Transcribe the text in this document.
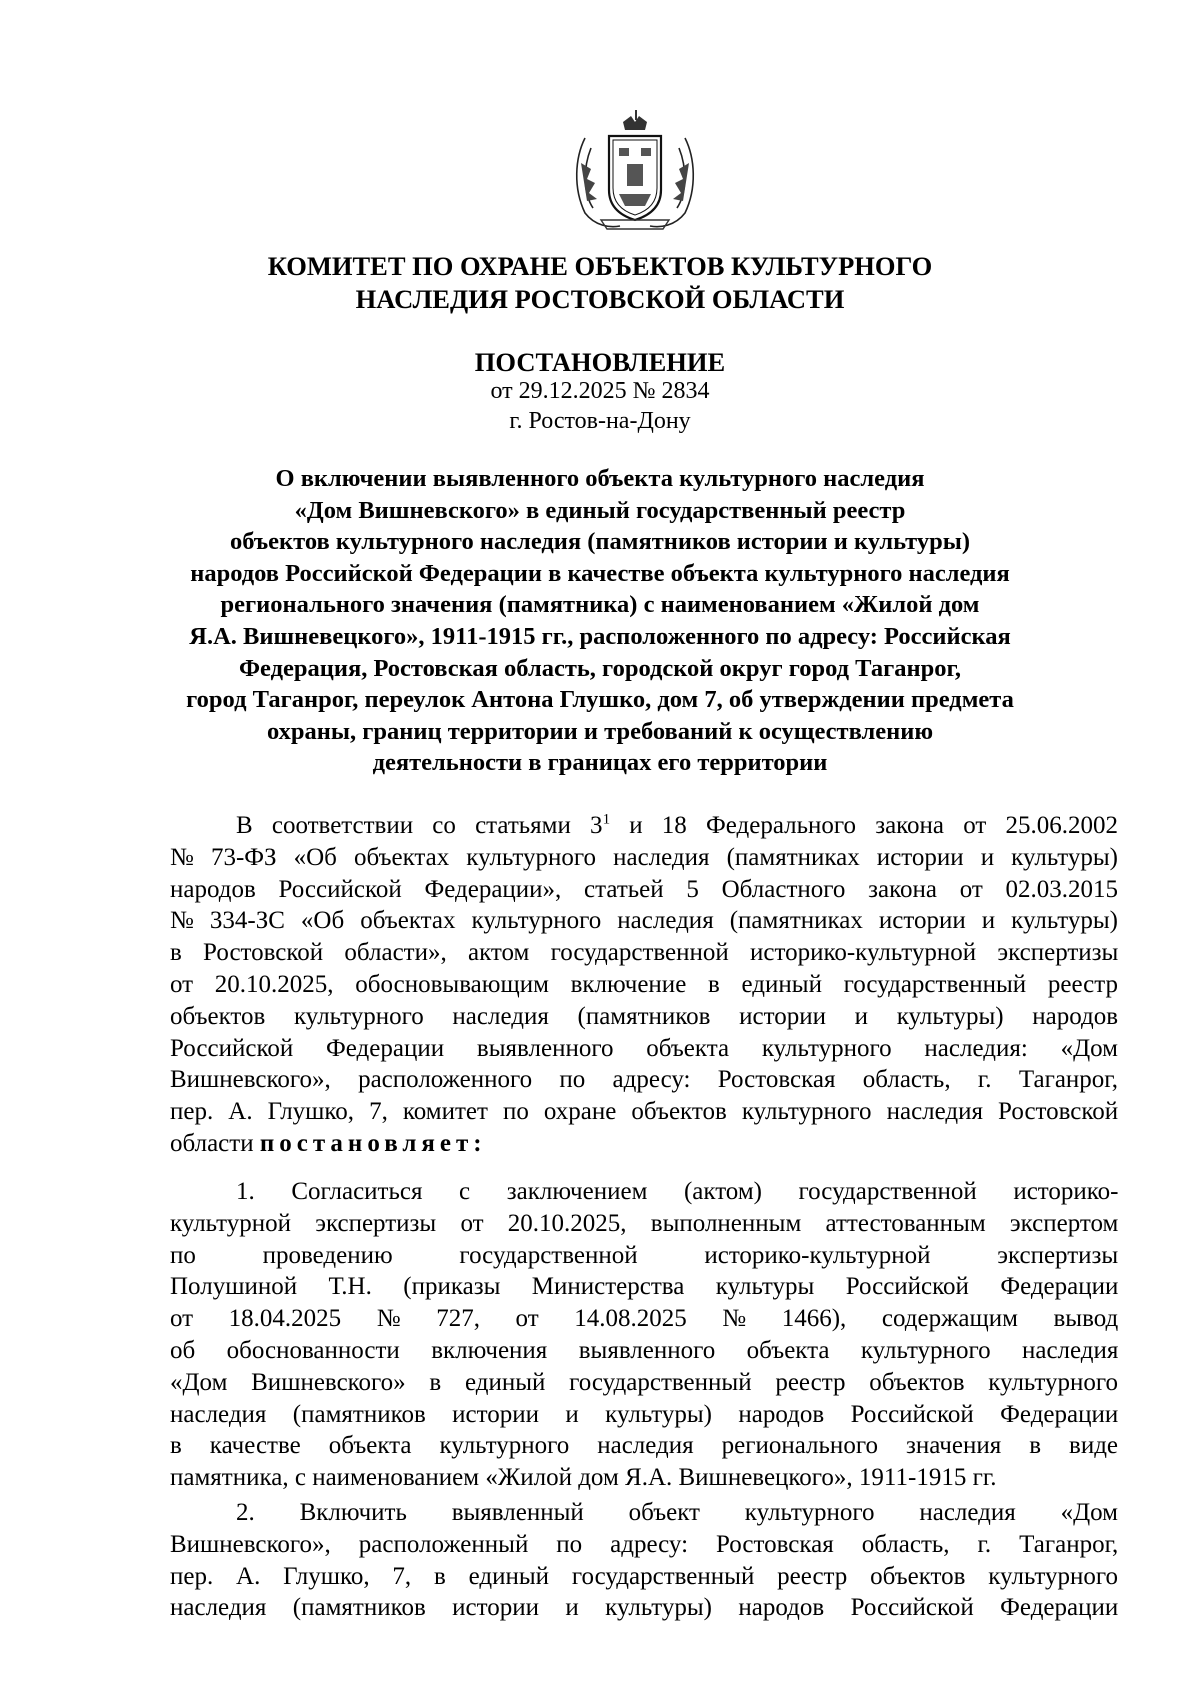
КОМИТЕТ ПО ОХРАНЕ ОБЪЕКТОВ КУЛЬТУРНОГО
НАСЛЕДИЯ РОСТОВСКОЙ ОБЛАСТИ
ПОСТАНОВЛЕНИЕ
от 29.12.2025 № 2834
г. Ростов-на-Дону
О включении выявленного объекта культурного наследия
«Дом Вишневского» в единый государственный реестр
объектов культурного наследия (памятников истории и культуры)
народов Российской Федерации в качестве объекта культурного наследия
регионального значения (памятника) с наименованием «Жилой дом
Я.А. Вишневецкого», 1911-1915 гг., расположенного по адресу: Российская
Федерация, Ростовская область, городской округ город Таганрог,
город Таганрог, переулок Антона Глушко, дом 7, об утверждении предмета
охраны, границ территории и требований к осуществлению
деятельности в границах его территории
В соответствии со статьями $3^1$ и 18 Федерального закона от 25.06.2002
№ 73-ФЗ «Об объектах культурного наследия (памятниках истории и культуры)
народов Российской Федерации», статьей 5 Областного закона от 02.03.2015
№ 334-ЗС «Об объектах культурного наследия (памятниках истории и культуры)
в Ростовской области», актом государственной историко-культурной экспертизы
от 20.10.2025, обосновывающим включение в единый государственный реестр
объектов культурного наследия (памятников истории и культуры) народов
Российской Федерации выявленного объекта культурного наследия: «Дом
Вишневского», расположенного по адресу: Ростовская область, г. Таганрог,
пер. А. Глушко, 7, комитет по охране объектов культурного наследия Ростовской
области постановляет:
1. Согласиться с заключением (актом) государственной историко-
культурной экспертизы от 20.10.2025, выполненным аттестованным экспертом
по проведению государственной историко-культурной экспертизы
Полушиной Т.Н. (приказы Министерства культуры Российской Федерации
от 18.04.2025 № 727, от 14.08.2025 № 1466), содержащим вывод
об обоснованности включения выявленного объекта культурного наследия
«Дом Вишневского» в единый государственный реестр объектов культурного
наследия (памятников истории и культуры) народов Российской Федерации
в качестве объекта культурного наследия регионального значения в виде
памятника, с наименованием «Жилой дом Я.А. Вишневецкого», 1911-1915 гг.
2. Включить выявленный объект культурного наследия «Дом
Вишневского», расположенный по адресу: Ростовская область, г. Таганрог,
пер. А. Глушко, 7, в единый государственный реестр объектов культурного
наследия (памятников истории и культуры) народов Российской Федерации
